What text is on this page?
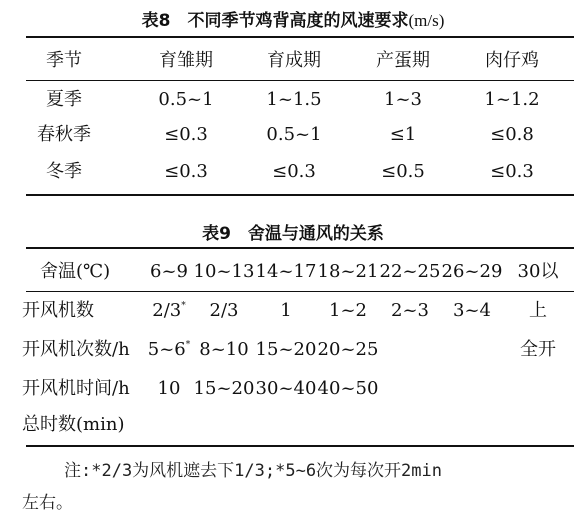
表8　不同季节鸡背高度的风速要求(m/s)
季节	育雏期	育成期	产蛋期	肉仔鸡
夏季	0.5~1	1~1.5	1~3	1~1.2
春秋季	≤0.3	0.5~1	≤1	≤0.8
冬季	≤0.3	≤0.3	≤0.5	≤0.3
表9　舍温与通风的关系
舍温(℃) 6~9 10~13 14~17 18~21 22~25 26~29 30以
开风机数	2/3* 2/3 1 1~2 2~3 3~4 上
开风机次数/h 5~6* 8~10 15~20 20~25	全开
开风机时间/h 10 15~20 30~40 40~50
总时数(min)
注:*2/3为风机遮去下1/3;*5~6次为每次开2min
左右。
